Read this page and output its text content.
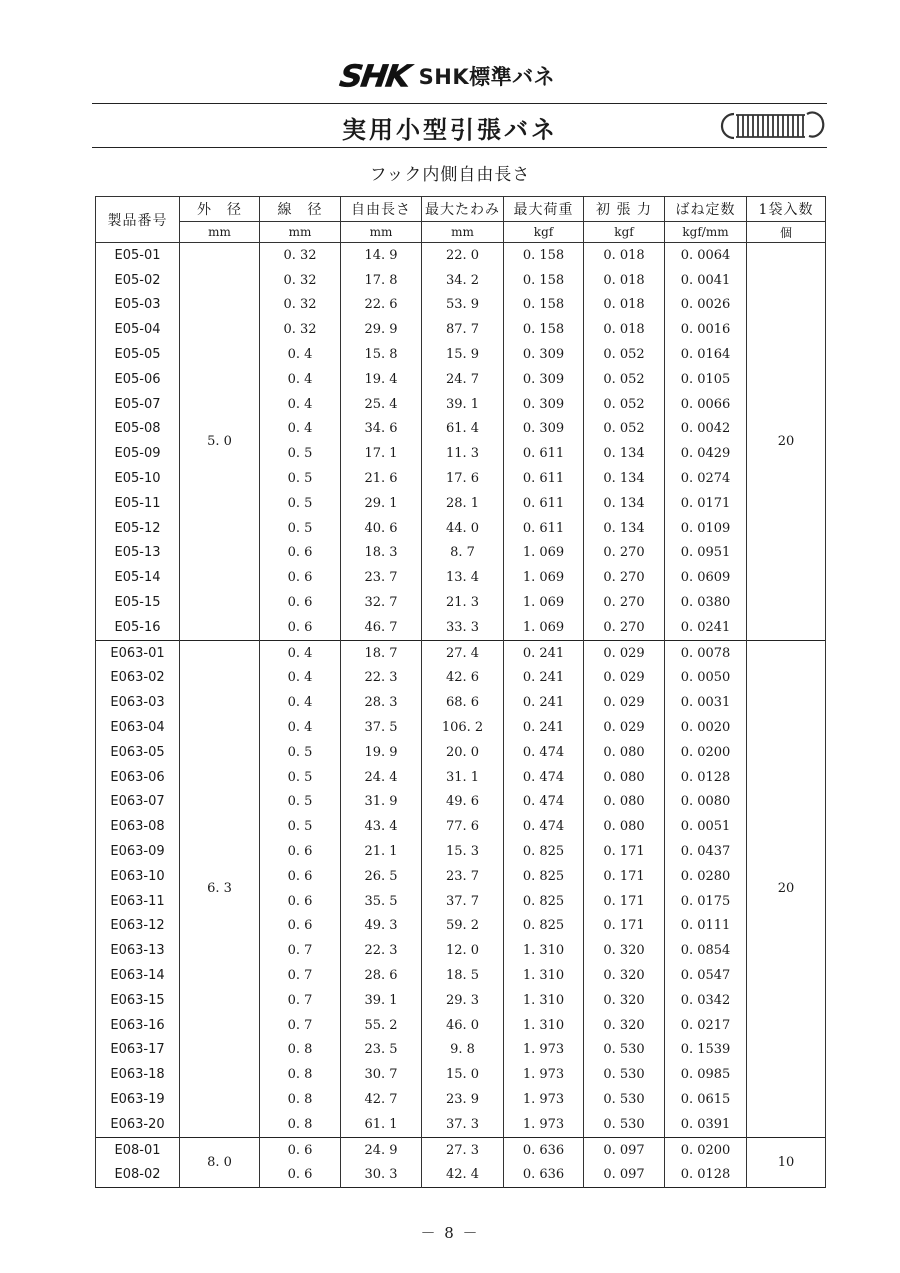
SHK SHK標準バネ
実用小型引張バネ
フック内側自由長さ
製品番号	外　径	線　径	自由長さ	最大たわみ	最大荷重	初 張 力	ばね定数	1袋入数
	mm	mm	mm	mm	kgf	kgf	kgf/mm	個
E05-01	5. 0	0. 32	14. 9	22. 0	0. 158	0. 018	0. 0064	20
E05-02		0. 32	17. 8	34. 2	0. 158	0. 018	0. 0041	
E05-03		0. 32	22. 6	53. 9	0. 158	0. 018	0. 0026	
E05-04		0. 32	29. 9	87. 7	0. 158	0. 018	0. 0016	
E05-05		0. 4	15. 8	15. 9	0. 309	0. 052	0. 0164	
E05-06		0. 4	19. 4	24. 7	0. 309	0. 052	0. 0105	
E05-07		0. 4	25. 4	39. 1	0. 309	0. 052	0. 0066	
E05-08		0. 4	34. 6	61. 4	0. 309	0. 052	0. 0042	
E05-09		0. 5	17. 1	11. 3	0. 611	0. 134	0. 0429	
E05-10		0. 5	21. 6	17. 6	0. 611	0. 134	0. 0274	
E05-11		0. 5	29. 1	28. 1	0. 611	0. 134	0. 0171	
E05-12		0. 5	40. 6	44. 0	0. 611	0. 134	0. 0109	
E05-13		0. 6	18. 3	8. 7	1. 069	0. 270	0. 0951	
E05-14		0. 6	23. 7	13. 4	1. 069	0. 270	0. 0609	
E05-15		0. 6	32. 7	21. 3	1. 069	0. 270	0. 0380	
E05-16		0. 6	46. 7	33. 3	1. 069	0. 270	0. 0241	
E063-01	6. 3	0. 4	18. 7	27. 4	0. 241	0. 029	0. 0078	20
E063-02		0. 4	22. 3	42. 6	0. 241	0. 029	0. 0050	
E063-03		0. 4	28. 3	68. 6	0. 241	0. 029	0. 0031	
E063-04		0. 4	37. 5	106. 2	0. 241	0. 029	0. 0020	
E063-05		0. 5	19. 9	20. 0	0. 474	0. 080	0. 0200	
E063-06		0. 5	24. 4	31. 1	0. 474	0. 080	0. 0128	
E063-07		0. 5	31. 9	49. 6	0. 474	0. 080	0. 0080	
E063-08		0. 5	43. 4	77. 6	0. 474	0. 080	0. 0051	
E063-09		0. 6	21. 1	15. 3	0. 825	0. 171	0. 0437	
E063-10		0. 6	26. 5	23. 7	0. 825	0. 171	0. 0280	
E063-11		0. 6	35. 5	37. 7	0. 825	0. 171	0. 0175	
E063-12		0. 6	49. 3	59. 2	0. 825	0. 171	0. 0111	
E063-13		0. 7	22. 3	12. 0	1. 310	0. 320	0. 0854	
E063-14		0. 7	28. 6	18. 5	1. 310	0. 320	0. 0547	
E063-15		0. 7	39. 1	29. 3	1. 310	0. 320	0. 0342	
E063-16		0. 7	55. 2	46. 0	1. 310	0. 320	0. 0217	
E063-17		0. 8	23. 5	9. 8	1. 973	0. 530	0. 1539	
E063-18		0. 8	30. 7	15. 0	1. 973	0. 530	0. 0985	
E063-19		0. 8	42. 7	23. 9	1. 973	0. 530	0. 0615	
E063-20		0. 8	61. 1	37. 3	1. 973	0. 530	0. 0391	
E08-01	8. 0	0. 6	24. 9	27. 3	0. 636	0. 097	0. 0200	10
E08-02		0. 6	30. 3	42. 4	0. 636	0. 097	0. 0128	
－ 8 －
